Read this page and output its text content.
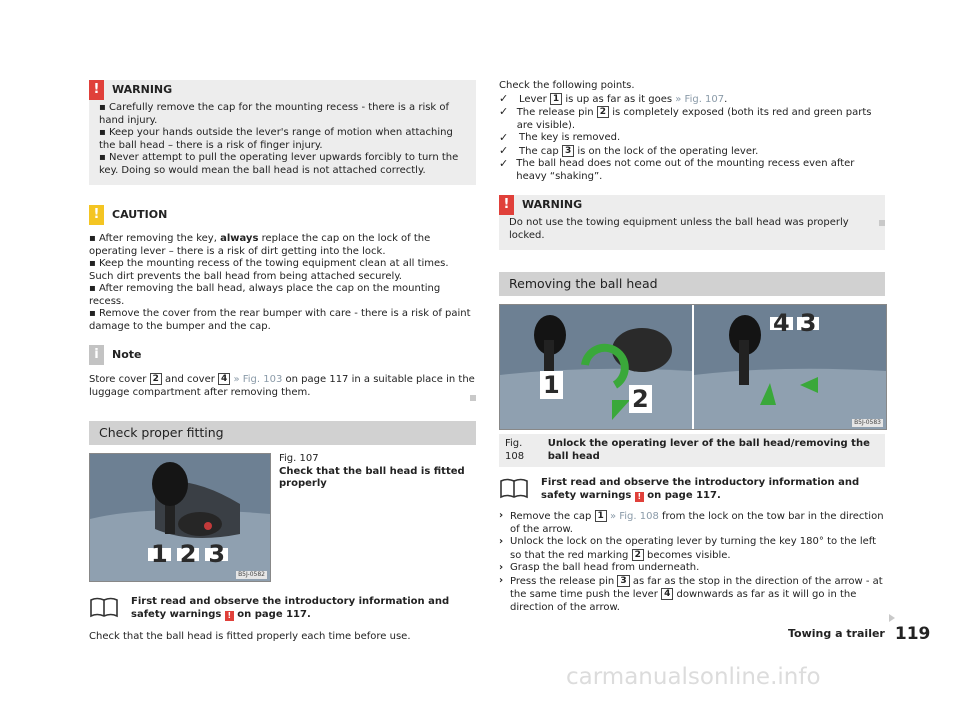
!	WARNING
▪ Carefully remove the cap for the mounting recess - there is a risk of hand injury.
▪ Keep your hands outside the lever's range of motion when attaching the ball head – there is a risk of finger injury.
▪ Never attempt to pull the operating lever upwards forcibly to turn the key. Doing so would mean the ball head is not attached correctly.
!	CAUTION
▪ After removing the key, always replace the cap on the lock of the operating lever – there is a risk of dirt getting into the lock.
▪ Keep the mounting recess of the towing equipment clean at all times. Such dirt prevents the ball head from being attached securely.
▪ After removing the ball head, always place the cap on the mounting recess.
▪ Remove the cover from the rear bumper with care - there is a risk of paint damage to the bumper and the cap.
i	Note
Store cover 2 and cover 4 » Fig. 103 on page 117 in a suitable place in the luggage compartment after removing them.
Check proper fitting
1 2 3
B5J-0582
Fig. 107
Check that the ball head is fitted properly
First read and observe the introductory information and safety warnings ! on page 117.
Check that the ball head is fitted properly each time before use.
Check the following points.
✓	Lever 1 is up as far as it goes » Fig. 107.
✓ The release pin 2 is completely exposed (both its red and green parts are visible).
✓	The key is removed.
✓	The cap 3 is on the lock of the operating lever.
✓ The ball head does not come out of the mounting recess even after heavy “shaking”.
!	WARNING
Do not use the towing equipment unless the ball head was properly locked.
Removing the ball head
1	2
4 3
B5J-0583
Fig. 108
Unlock the operating lever of the ball head/removing the ball head
First read and observe the introductory information and safety warnings ! on page 117.
› Remove the cap 1 » Fig. 108 from the lock on the tow bar in the direction of the arrow.
› Unlock the lock on the operating lever by turning the key 180° to the left so that the red marking 2 becomes visible.
› Grasp the ball head from underneath.
› Press the release pin 3 as far as the stop in the direction of the arrow - at the same time push the lever 4 downwards as far as it will go in the direction of the arrow.
Towing a trailer 119
carmanualsonline.info
